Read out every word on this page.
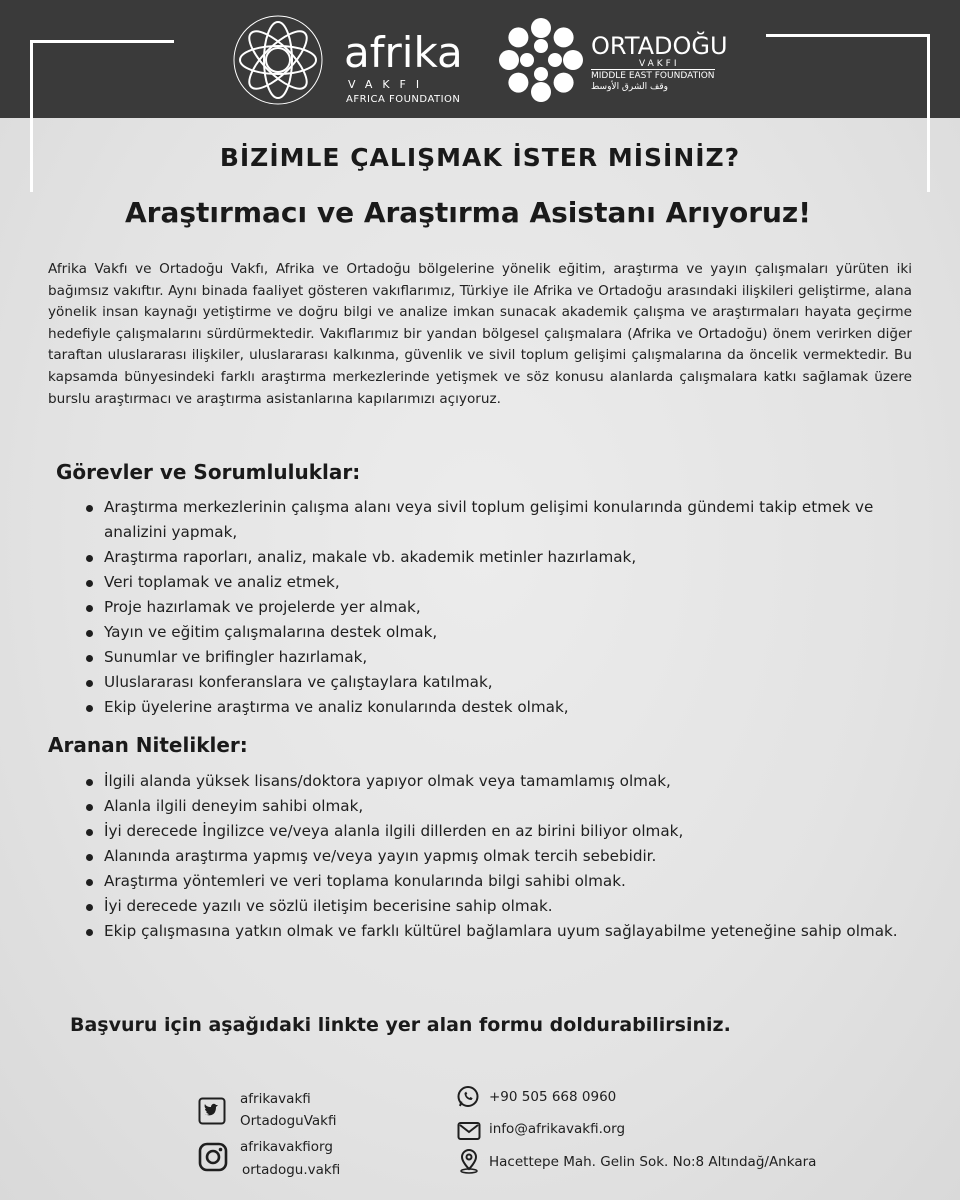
afrika
VAKFI
AFRICA FOUNDATION
ORTADOĞU
VAKFI
MIDDLE EAST FOUNDATION
وقف الشرق الأوسط
BİZİMLE ÇALIŞMAK İSTER MİSİNİZ?
Araştırmacı ve Araştırma Asistanı Arıyoruz!
Afrika Vakfı ve Ortadoğu Vakfı, Afrika ve Ortadoğu bölgelerine yönelik eğitim, araştırma ve yayın çalışmaları yürüten iki bağımsız vakıftır. Aynı binada faaliyet gösteren vakıflarımız, Türkiye ile Afrika ve Ortadoğu arasındaki ilişkileri geliştirme, alana yönelik insan kaynağı yetiştirme ve doğru bilgi ve analize imkan sunacak akademik çalışma ve araştırmaları hayata geçirme hedefiyle çalışmalarını sürdürmektedir. Vakıflarımız bir yandan bölgesel çalışmalara (Afrika ve Ortadoğu) önem verirken diğer taraftan uluslararası ilişkiler, uluslararası kalkınma, güvenlik ve sivil toplum gelişimi çalışmalarına da öncelik vermektedir. Bu kapsamda bünyesindeki farklı araştırma merkezlerinde yetişmek ve söz konusu alanlarda çalışmalara katkı sağlamak üzere burslu araştırmacı ve araştırma asistanlarına kapılarımızı açıyoruz.
Görevler ve Sorumluluklar:
Araştırma merkezlerinin çalışma alanı veya sivil toplum gelişimi konularında gündemi takip etmek ve analizini yapmak,
Araştırma raporları, analiz, makale vb. akademik metinler hazırlamak,
Veri toplamak ve analiz etmek,
Proje hazırlamak ve projelerde yer almak,
Yayın ve eğitim çalışmalarına destek olmak,
Sunumlar ve brifingler hazırlamak,
Uluslararası konferanslara ve çalıştaylara katılmak,
Ekip üyelerine araştırma ve analiz konularında destek olmak,
Aranan Nitelikler:
İlgili alanda yüksek lisans/doktora yapıyor olmak veya tamamlamış olmak,
Alanla ilgili deneyim sahibi olmak,
İyi derecede İngilizce ve/veya alanla ilgili dillerden en az birini biliyor olmak,
Alanında araştırma yapmış ve/veya yayın yapmış olmak tercih sebebidir.
Araştırma yöntemleri ve veri toplama konularında bilgi sahibi olmak.
İyi derecede yazılı ve sözlü iletişim becerisine sahip olmak.
Ekip çalışmasına yatkın olmak ve farklı kültürel bağlamlara uyum sağlayabilme yeteneğine sahip olmak.
Başvuru için aşağıdaki linkte yer alan formu doldurabilirsiniz.
afrikavakfi
OrtadoguVakfi
afrikavakfiorg
ortadogu.vakfi
+90 505 668 0960
info@afrikavakfi.org
Hacettepe Mah. Gelin Sok. No:8 Altındağ/Ankara
